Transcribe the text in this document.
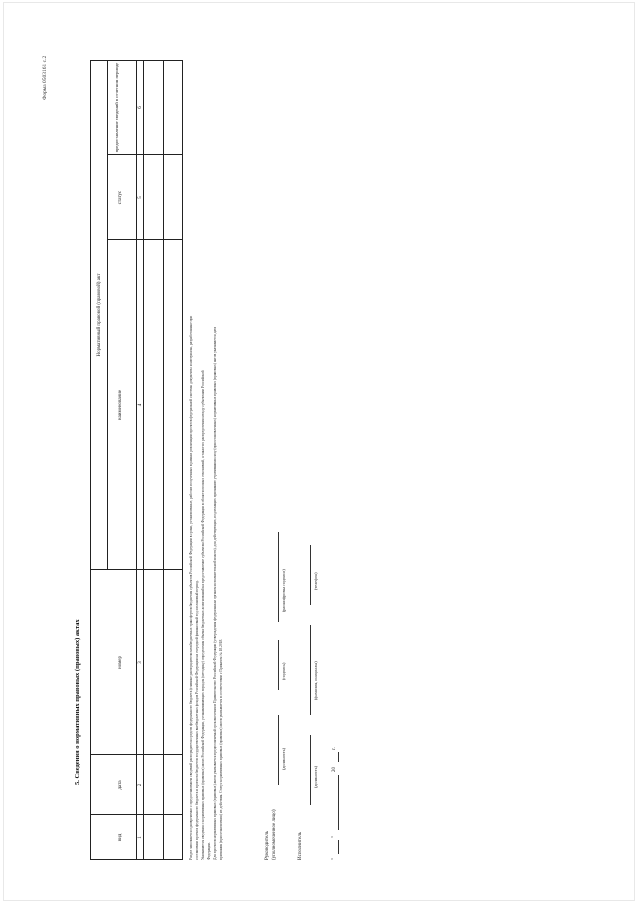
Форма 0503161 с.2
5. Сведения о нормативных правовых (правовых) актах
Нормативный правовой (правовой) акт
вид
дата
номер
наименование
статус
предоставление сведений в отчетном периоде
1
2
3
4
5
6
Раздел заполняется одновременно с предоставлением сведений распорядителя средств федерального бюджета (главные распорядители межбюджетных трансфертов бюджетам субъектов Российской Федерации в сроки, установленные, рабочих полученных в рамках реализации проектов федеральной системы документы и материалы, разработанные при составлении проекта федерального бюджета и прогноза бюджетов государственных внебюджетных фондов Российской Федерации на очередной финансовый год и плановый период. Указываются сведения о нормативных правовых (правовых) актах Российской Федерации, устанавливающих порядок (методику) определения объема бюджетных ассигнований на предоставление субъектам Российской Федерации в области полных отношений, а также их распределения между субъектами Российской Федерации. Для проектов нормативных правовых (правовых) актов указывается предполагаемый срок внесения в Правительство Российской Федерации (утверждения федеральным органом исполнительной власти), для действующих, подлежащих признанию утратившими силу (приостановленных) нормативных правовых (правовых) актов указывается дата признания (приостановления) их действия. Статус нормативных правовых (правовых) актов указывается в соответствии с Приказом № 18.2018.	Руководитель (уполномоченное лицо)
(должность)
(подпись)
(расшифровка подписи)
Исполнитель
(должность)
(фамилия, инициалы)
(телефон)
"
"
20
г.
